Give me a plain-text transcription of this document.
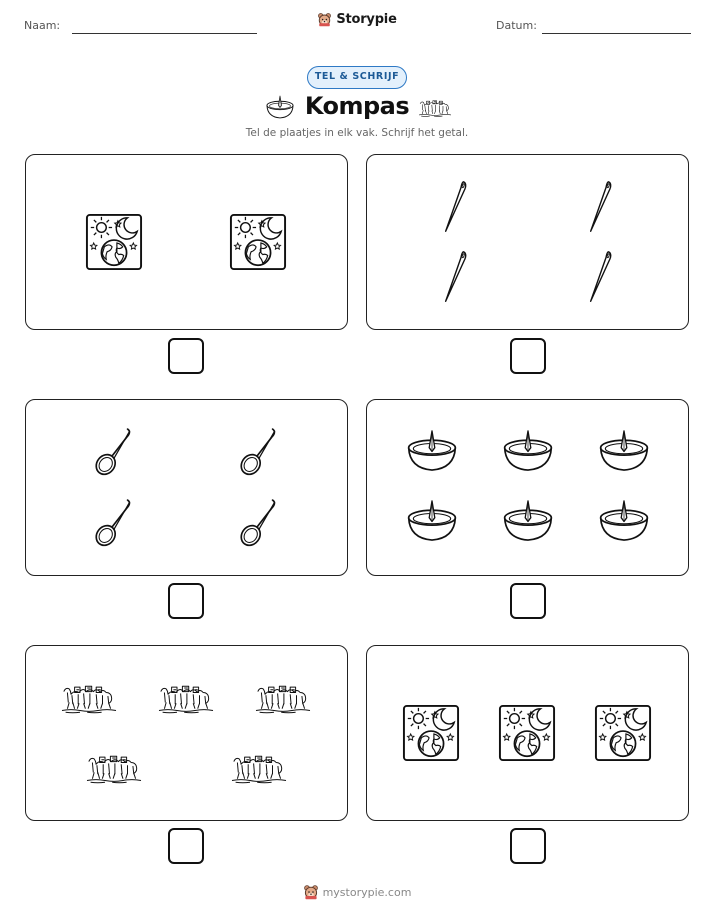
Naam:	Datum:
Storypie
TEL & SCHRIJF
Kompas
Tel de plaatjes in elk vak. Schrijf het getal.
mystorypie.com
